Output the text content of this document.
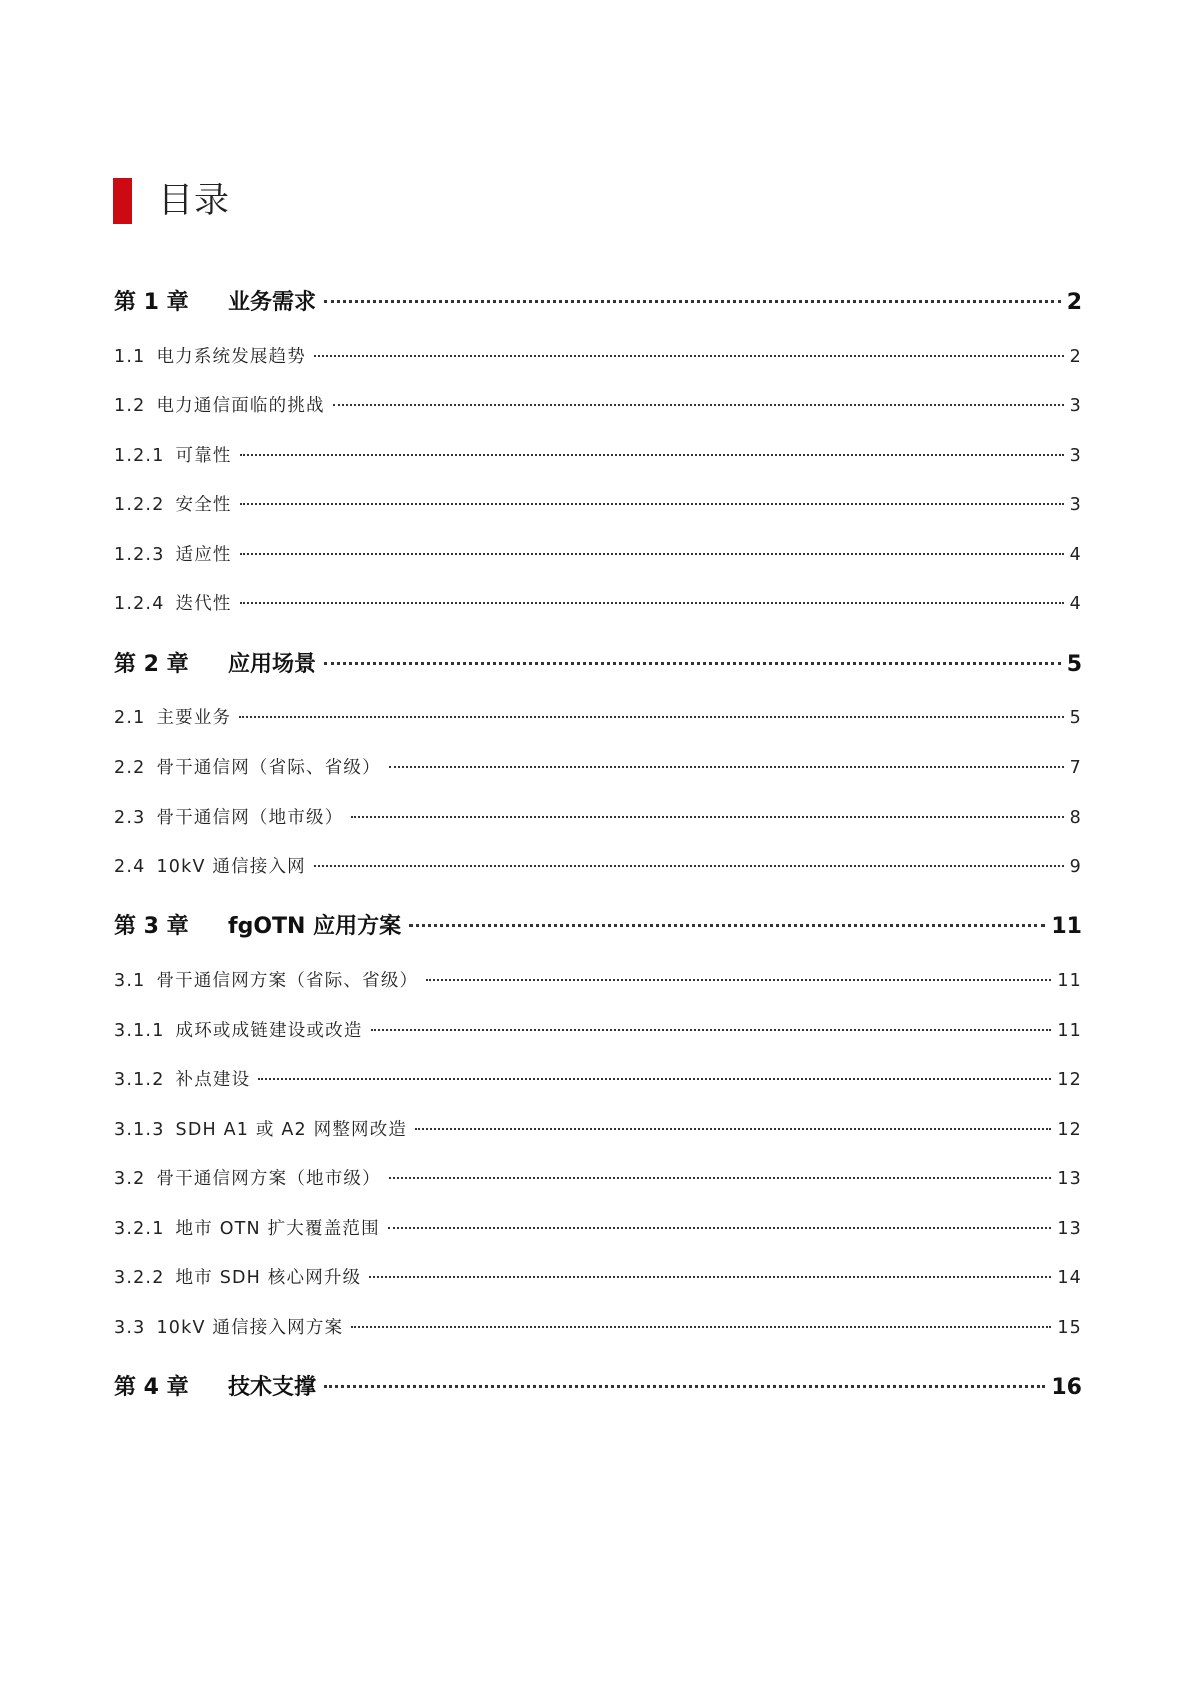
目录
第 1 章	业务需求	2
1.1 电力系统发展趋势	2
1.2 电力通信面临的挑战	3
1.2.1 可靠性	3
1.2.2 安全性	3
1.2.3 适应性	4
1.2.4 迭代性	4
第 2 章	应用场景	5
2.1 主要业务	5
2.2 骨干通信网（省际、省级）	7
2.3 骨干通信网（地市级）	8
2.4 10kV 通信接入网	9
第 3 章	fgOTN 应用方案	11
3.1 骨干通信网方案（省际、省级）	11
3.1.1 成环或成链建设或改造	11
3.1.2 补点建设	12
3.1.3 SDH A1 或 A2 网整网改造	12
3.2 骨干通信网方案（地市级）	13
3.2.1 地市 OTN 扩大覆盖范围	13
3.2.2 地市 SDH 核心网升级	14
3.3 10kV 通信接入网方案	15
第 4 章	技术支撑	16
